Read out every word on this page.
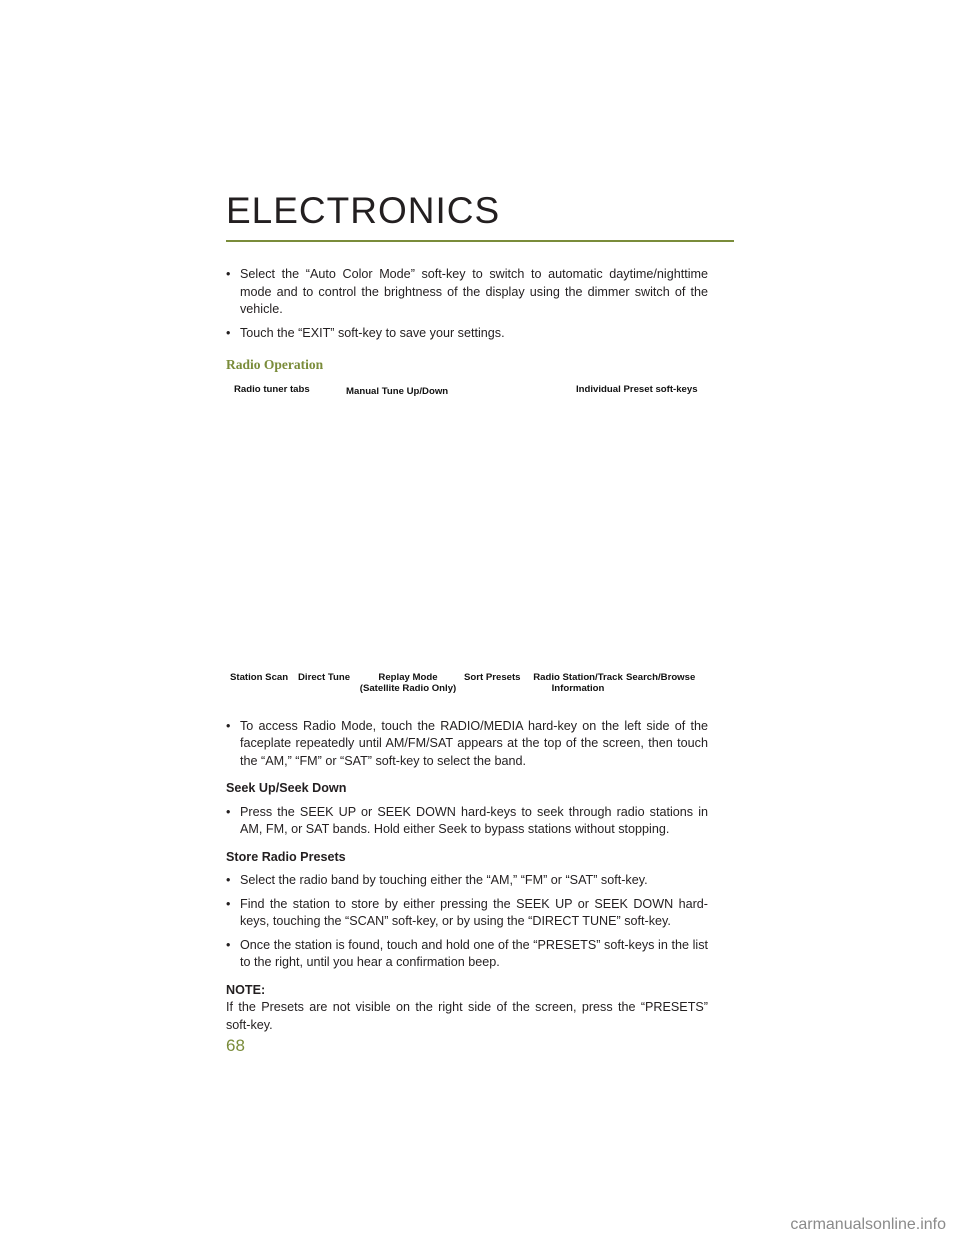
ELECTRONICS

• Select the “Auto Color Mode” soft-key to switch to automatic daytime/nighttime mode and to control the brightness of the display using the dimmer switch of the vehicle.

• Touch the “EXIT” soft-key to save your settings.

Radio Operation
Radio tuner tabs	Manual Tune Up/Down	Individual Preset soft-keys
Station Scan Direct Tune	Replay Mode
(Satellite Radio Only)
Sort Presets Radio Station/Track
Information
Search/Browse

• To access Radio Mode, touch the RADIO/MEDIA hard-key on the left side of the faceplate repeatedly until AM/FM/SAT appears at the top of the screen, then touch the “AM,” “FM” or “SAT” soft-key to select the band.

Seek Up/Seek Down

• Press the SEEK UP or SEEK DOWN hard-keys to seek through radio stations in AM, FM, or SAT bands. Hold either Seek to bypass stations without stopping.

Store Radio Presets

• Select the radio band by touching either the “AM,” “FM” or “SAT” soft-key.

• Find the station to store by either pressing the SEEK UP or SEEK DOWN hard-keys, touching the “SCAN” soft-key, or by using the “DIRECT TUNE” soft-key.

• Once the station is found, touch and hold one of the “PRESETS” soft-keys in the list to the right, until you hear a confirmation beep.

NOTE:

If the Presets are not visible on the right side of the screen, press the “PRESETS” soft-key.

68
carmanualsonline.info
